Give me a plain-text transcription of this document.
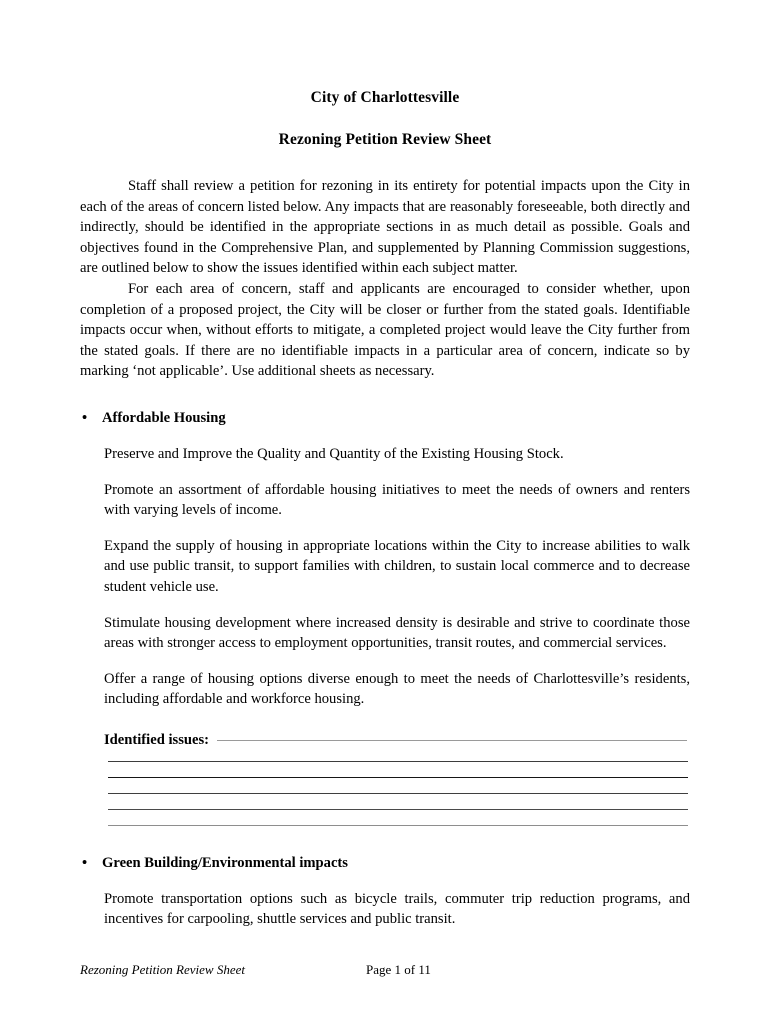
City of Charlottesville
Rezoning Petition Review Sheet

Staff shall review a petition for rezoning in its entirety for potential impacts upon the City in each of the areas of concern listed below. Any impacts that are reasonably foreseeable, both directly and indirectly, should be identified in the appropriate sections in as much detail as possible. Goals and objectives found in the Comprehensive Plan, and supplemented by Planning Commission suggestions, are outlined below to show the issues identified within each subject matter.

For each area of concern, staff and applicants are encouraged to consider whether, upon completion of a proposed project, the City will be closer or further from the stated goals. Identifiable impacts occur when, without efforts to mitigate, a completed project would leave the City further from the stated goals. If there are no identifiable impacts in a particular area of concern, indicate so by marking ‘not applicable’. Use additional sheets as necessary.

• Affordable Housing

Preserve and Improve the Quality and Quantity of the Existing Housing Stock.

Promote an assortment of affordable housing initiatives to meet the needs of owners and renters with varying levels of income.

Expand the supply of housing in appropriate locations within the City to increase abilities to walk and use public transit, to support families with children, to sustain local commerce and to decrease student vehicle use.

Stimulate housing development where increased density is desirable and strive to coordinate those areas with stronger access to employment opportunities, transit routes, and commercial services.

Offer a range of housing options diverse enough to meet the needs of Charlottesville’s residents, including affordable and workforce housing.

Identified issues:
• Green Building/Environmental impacts

Promote transportation options such as bicycle trails, commuter trip reduction programs, and incentives for carpooling, shuttle services and public transit.

Rezoning Petition Review Sheet	Page 1 of 11
